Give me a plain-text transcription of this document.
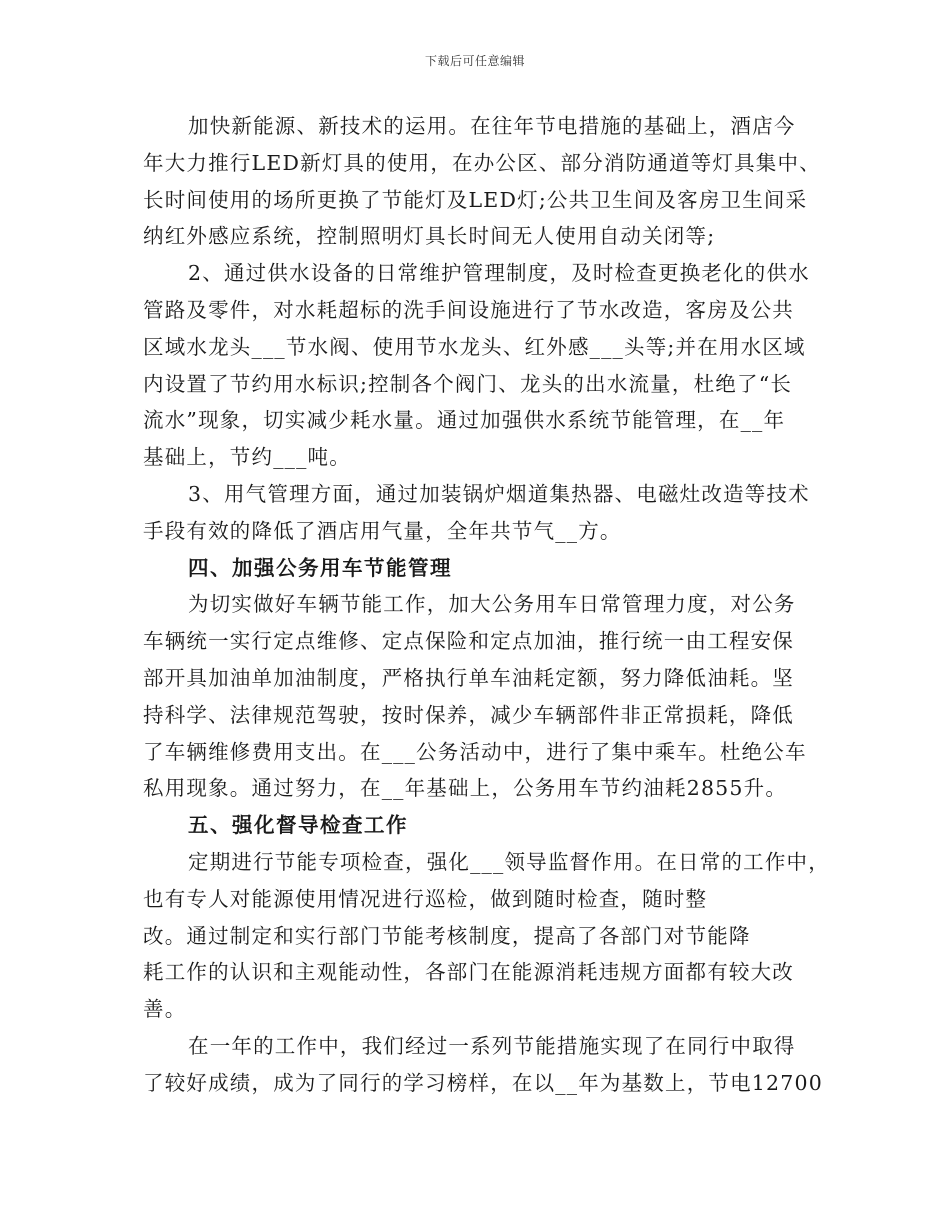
下载后可任意编辑
加快新能源、新技术的运用。在往年节电措施的基础上，酒店今
年大力推行LED新灯具的使用，在办公区、部分消防通道等灯具集中、
长时间使用的场所更换了节能灯及LED灯;公共卫生间及客房卫生间采
纳红外感应系统，控制照明灯具长时间无人使用自动关闭等;
2、通过供水设备的日常维护管理制度，及时检查更换老化的供水
管路及零件，对水耗超标的洗手间设施进行了节水改造，客房及公共
区域水龙头___节水阀、使用节水龙头、红外感___头等;并在用水区域
内设置了节约用水标识;控制各个阀门、龙头的出水流量，杜绝了“长
流水”现象，切实减少耗水量。通过加强供水系统节能管理，在__年
基础上，节约___吨。
3、用气管理方面，通过加装锅炉烟道集热器、电磁灶改造等技术
手段有效的降低了酒店用气量，全年共节气__方。
四、加强公务用车节能管理
为切实做好车辆节能工作，加大公务用车日常管理力度，对公务
车辆统一实行定点维修、定点保险和定点加油，推行统一由工程安保
部开具加油单加油制度，严格执行单车油耗定额，努力降低油耗。坚
持科学、法律规范驾驶，按时保养，减少车辆部件非正常损耗，降低
了车辆维修费用支出。在___公务活动中，进行了集中乘车。杜绝公车
私用现象。通过努力，在__年基础上，公务用车节约油耗2855升。
五、强化督导检查工作
定期进行节能专项检查，强化___领导监督作用。在日常的工作中，
也有专人对能源使用情况进行巡检，做到随时检查，随时整
改。通过制定和实行部门节能考核制度，提高了各部门对节能降
耗工作的认识和主观能动性，各部门在能源消耗违规方面都有较大改
善。
在一年的工作中，我们经过一系列节能措施实现了在同行中取得
了较好成绩，成为了同行的学习榜样，在以__年为基数上，节电12700
